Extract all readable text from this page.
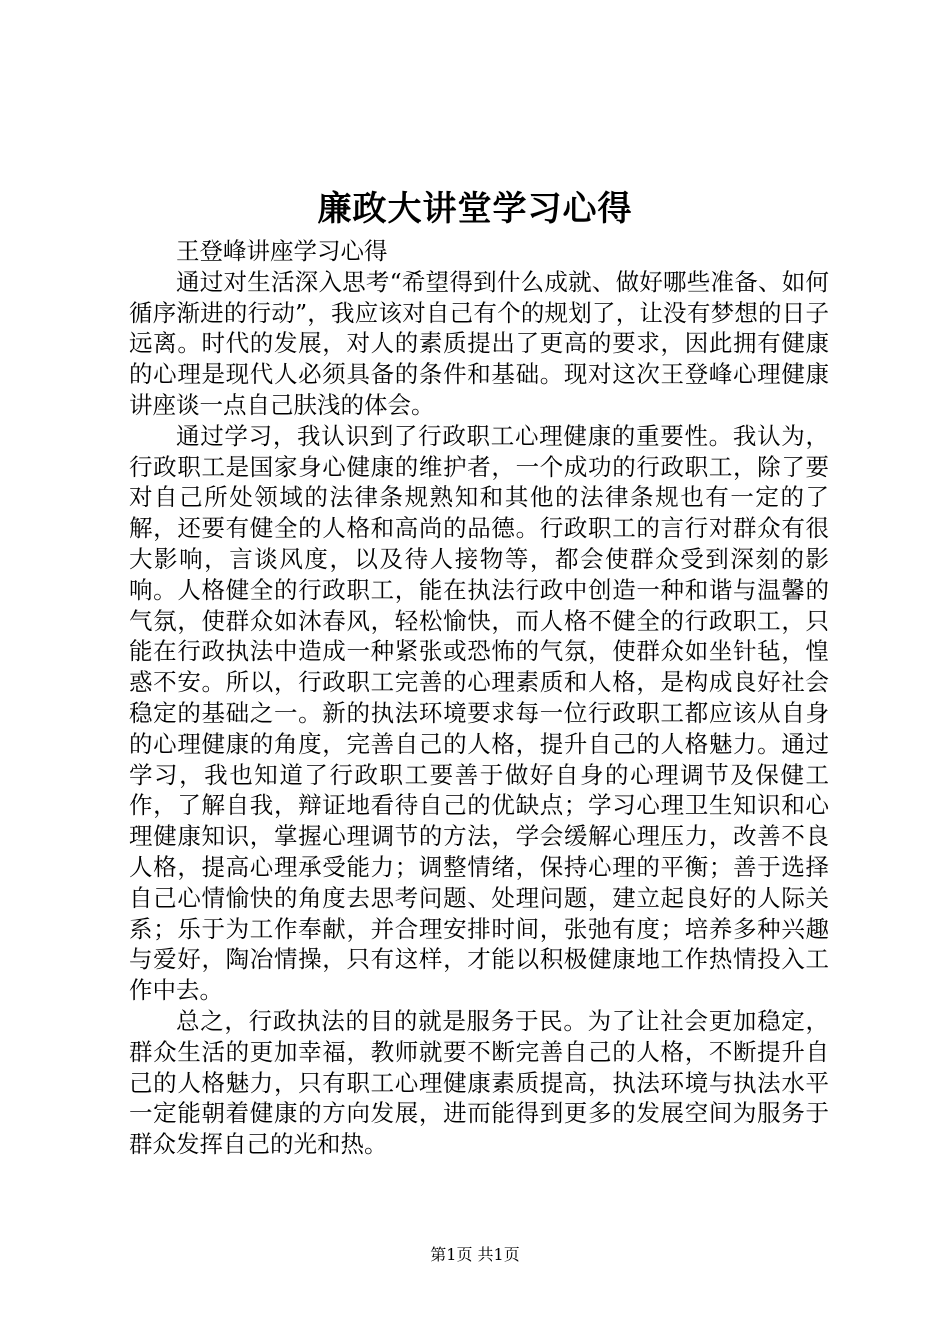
廉政大讲堂学习心得

王登峰讲座学习心得

通过对生活深入思考“希望得到什么成就、做好哪些准备、如何循序渐进的行动”，我应该对自己有个的规划了，让没有梦想的日子远离。时代的发展，对人的素质提出了更高的要求，因此拥有健康的心理是现代人必须具备的条件和基础。现对这次王登峰心理健康讲座谈一点自己肤浅的体会。

通过学习，我认识到了行政职工心理健康的重要性。我认为，行政职工是国家身心健康的维护者，一个成功的行政职工，除了要对自己所处领域的法律条规熟知和其他的法律条规也有一定的了解，还要有健全的人格和高尚的品德。行政职工的言行对群众有很大影响，言谈风度，以及待人接物等，都会使群众受到深刻的影响。人格健全的行政职工，能在执法行政中创造一种和谐与温馨的气氛，使群众如沐春风，轻松愉快，而人格不健全的行政职工，只能在行政执法中造成一种紧张或恐怖的气氛，使群众如坐针毡，惶惑不安。所以，行政职工完善的心理素质和人格，是构成良好社会稳定的基础之一。新的执法环境要求每一位行政职工都应该从自身的心理健康的角度，完善自己的人格，提升自己的人格魅力。通过学习，我也知道了行政职工要善于做好自身的心理调节及保健工作，了解自我，辩证地看待自己的优缺点；学习心理卫生知识和心理健康知识，掌握心理调节的方法，学会缓解心理压力，改善不良人格，提高心理承受能力；调整情绪，保持心理的平衡；善于选择自己心情愉快的角度去思考问题、处理问题，建立起良好的人际关系；乐于为工作奉献，并合理安排时间，张弛有度；培养多种兴趣与爱好，陶冶情操，只有这样，才能以积极健康地工作热情投入工作中去。

总之，行政执法的目的就是服务于民。为了让社会更加稳定，群众生活的更加幸福，教师就要不断完善自己的人格，不断提升自己的人格魅力，只有职工心理健康素质提高，执法环境与执法水平一定能朝着健康的方向发展，进而能得到更多的发展空间为服务于群众发挥自己的光和热。

第1页 共1页
